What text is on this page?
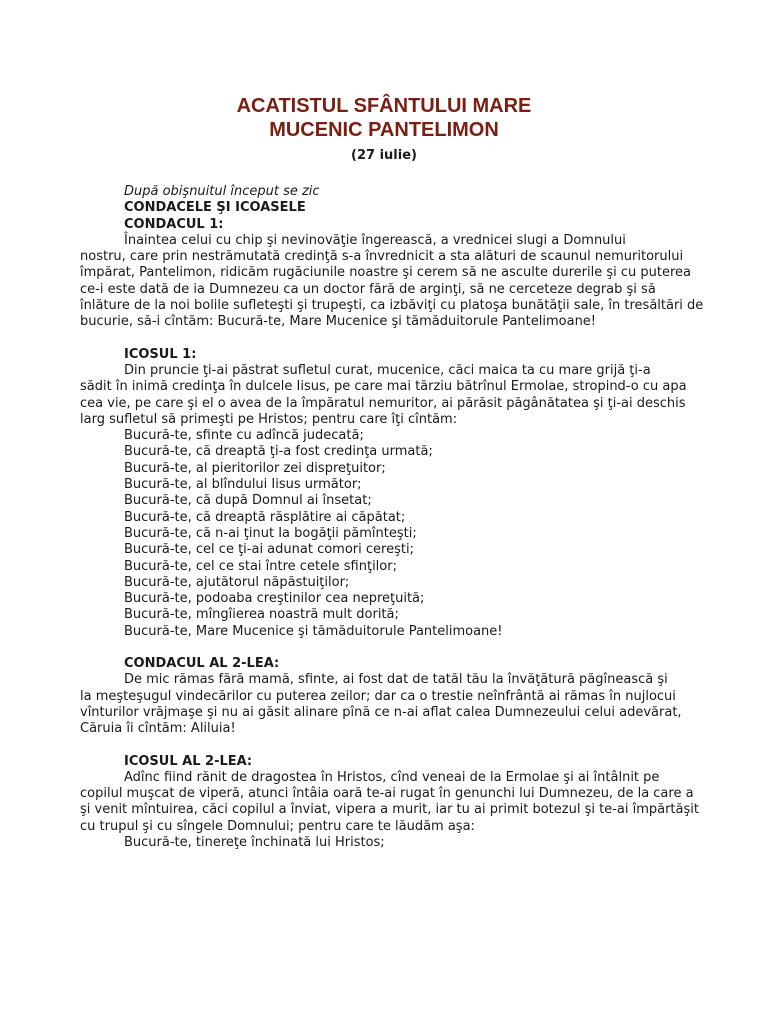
ACATISTUL SFÂNTULUI MARE
MUCENIC PANTELIMON
(27 iulie)

După obişnuitul început se zic

CONDACELE ŞI ICOASELE

CONDACUL 1:

Înaintea celui cu chip şi nevinovăţie îngerească, a vrednicei slugi a Domnului

nostru, care prin nestrămutată credinţă s-a învrednicit a sta alături de scaunul nemuritorului împărat, Pantelimon, ridicăm rugăciunile noastre şi cerem să ne asculte durerile şi cu puterea ce-i este dată de ia Dumnezeu ca un doctor fără de arginţi, să ne cerceteze degrab şi să înlăture de la noi bolile sufleteşti şi trupeşti, ca izbăviţi cu platoşa bunătăţii sale, în tresăltări de bucurie, să-i cîntăm: Bucură-te, Mare Mucenice şi tămăduitorule Pantelimoane!

ICOSUL 1:

Din pruncie ţi-ai păstrat sufletul curat, mucenice, căci maica ta cu mare grijă ţi-a

sădit în inimă credinţa în dulcele Iisus, pe care mai tărziu bătrînul Ermolae, stropind-o cu apa cea vie, pe care şi el o avea de la împăratul nemuritor, ai părăsit păgânătatea şi ţi-ai deschis larg sufletul să primeşti pe Hristos; pentru care îţi cîntăm:

Bucură-te, sfinte cu adîncă judecată;
Bucură-te, că dreaptă ţi-a fost credinţa urmată;
Bucură-te, al pieritorilor zei dispreţuitor;
Bucură-te, al blîndului Iisus următor;
Bucură-te, că după Domnul ai însetat;
Bucură-te, că dreaptă răsplătire ai căpătat;
Bucură-te, că n-ai ţinut Ia bogăţii pămînteşti;
Bucură-te, cel ce ţi-ai adunat comori cereşti;
Bucură-te, cel ce stai între cetele sfinţilor;
Bucură-te, ajutătorul năpăstuiţilor;
Bucură-te, podoaba creştinilor cea nepreţuită;
Bucură-te, mîngîierea noastră mult dorită;
Bucură-te, Mare Mucenice şi tămăduitorule Pantelimoane!

CONDACUL AL 2-LEA:

De mic rămas fără mamă, sfinte, ai fost dat de tatăl tău la învăţătură păgînească şi

la meşteşugul vindecărilor cu puterea zeilor; dar ca o trestie neînfrântă ai rămas în nujlocui vînturilor vrăjmaşe şi nu ai găsit alinare pînă ce n-ai aflat calea Dumnezeului celui adevărat, Căruia îi cîntăm: Aliluia!

ICOSUL AL 2-LEA:

Adînc fiind rănit de dragostea în Hristos, cînd veneai de la Ermolae şi ai întâlnit pe

copilul muşcat de viperă, atunci întâia oară te-ai rugat în genunchi lui Dumnezeu, de la care a şi venit mîntuirea, căci copilul a înviat, vipera a murit, iar tu ai primit botezul şi te-ai împărtăşit cu trupul şi cu sîngele Domnului; pentru care te lăudăm aşa:

Bucură-te, tinereţe închinată lui Hristos;
